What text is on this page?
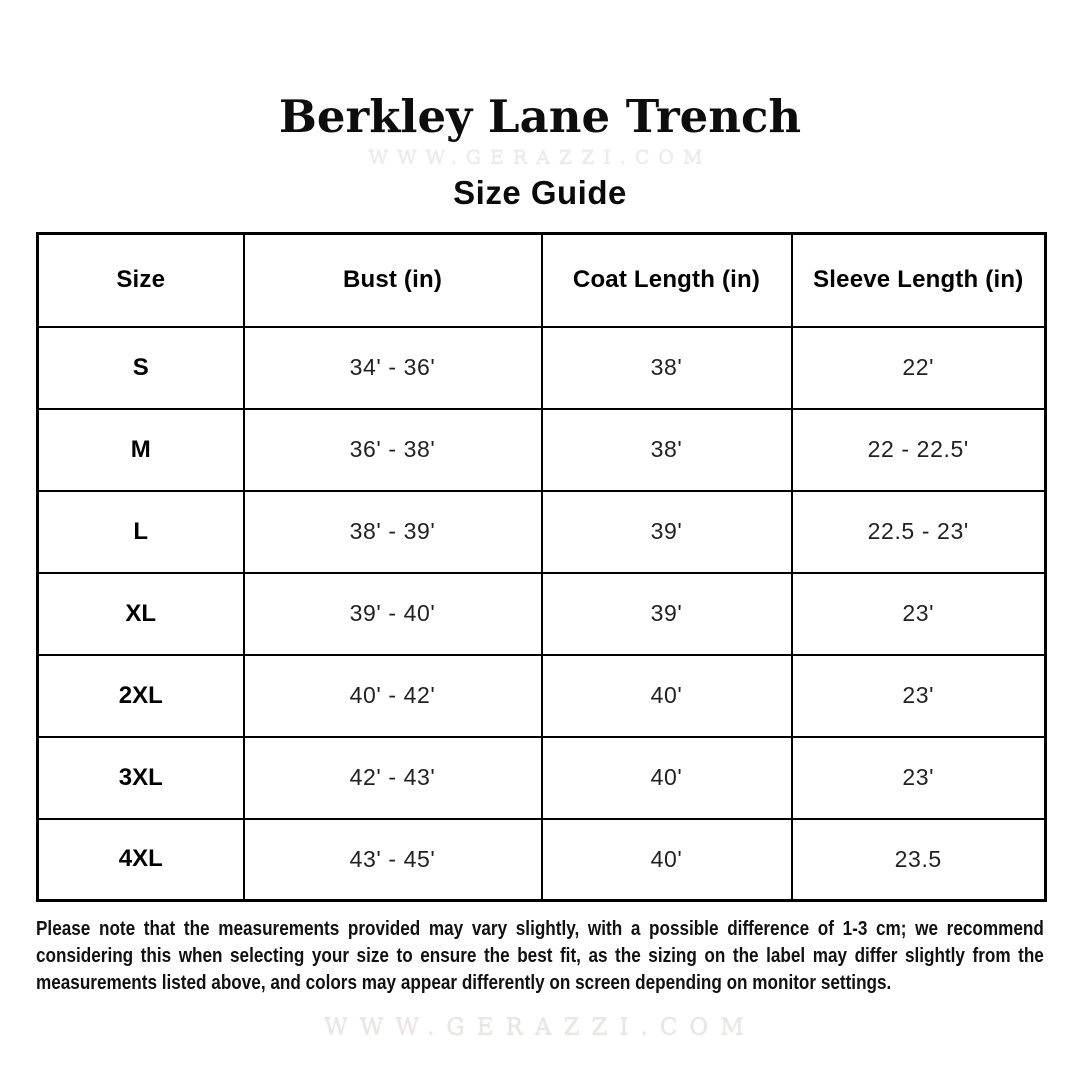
Berkley Lane Trench
WWW.GERAZZI.COM
Size Guide
Size	Bust (in)	Coat Length (in)	Sleeve Length (in)
S	34' - 36'	38'	22'
M	36' - 38'	38'	22 - 22.5'
L	38' - 39'	39'	22.5 - 23'
XL	39' - 40'	39'	23'
2XL	40' - 42'	40'	23'
3XL	42' - 43'	40'	23'
4XL	43' - 45'	40'	23.5

Please note that the measurements provided may vary slightly, with a possible difference of 1-3 cm; we recommend considering this when selecting your size to ensure the best fit, as the sizing on the label may differ slightly from the measurements listed above, and colors may appear differently on screen depending on monitor settings.

WWW.GERAZZI.COM
